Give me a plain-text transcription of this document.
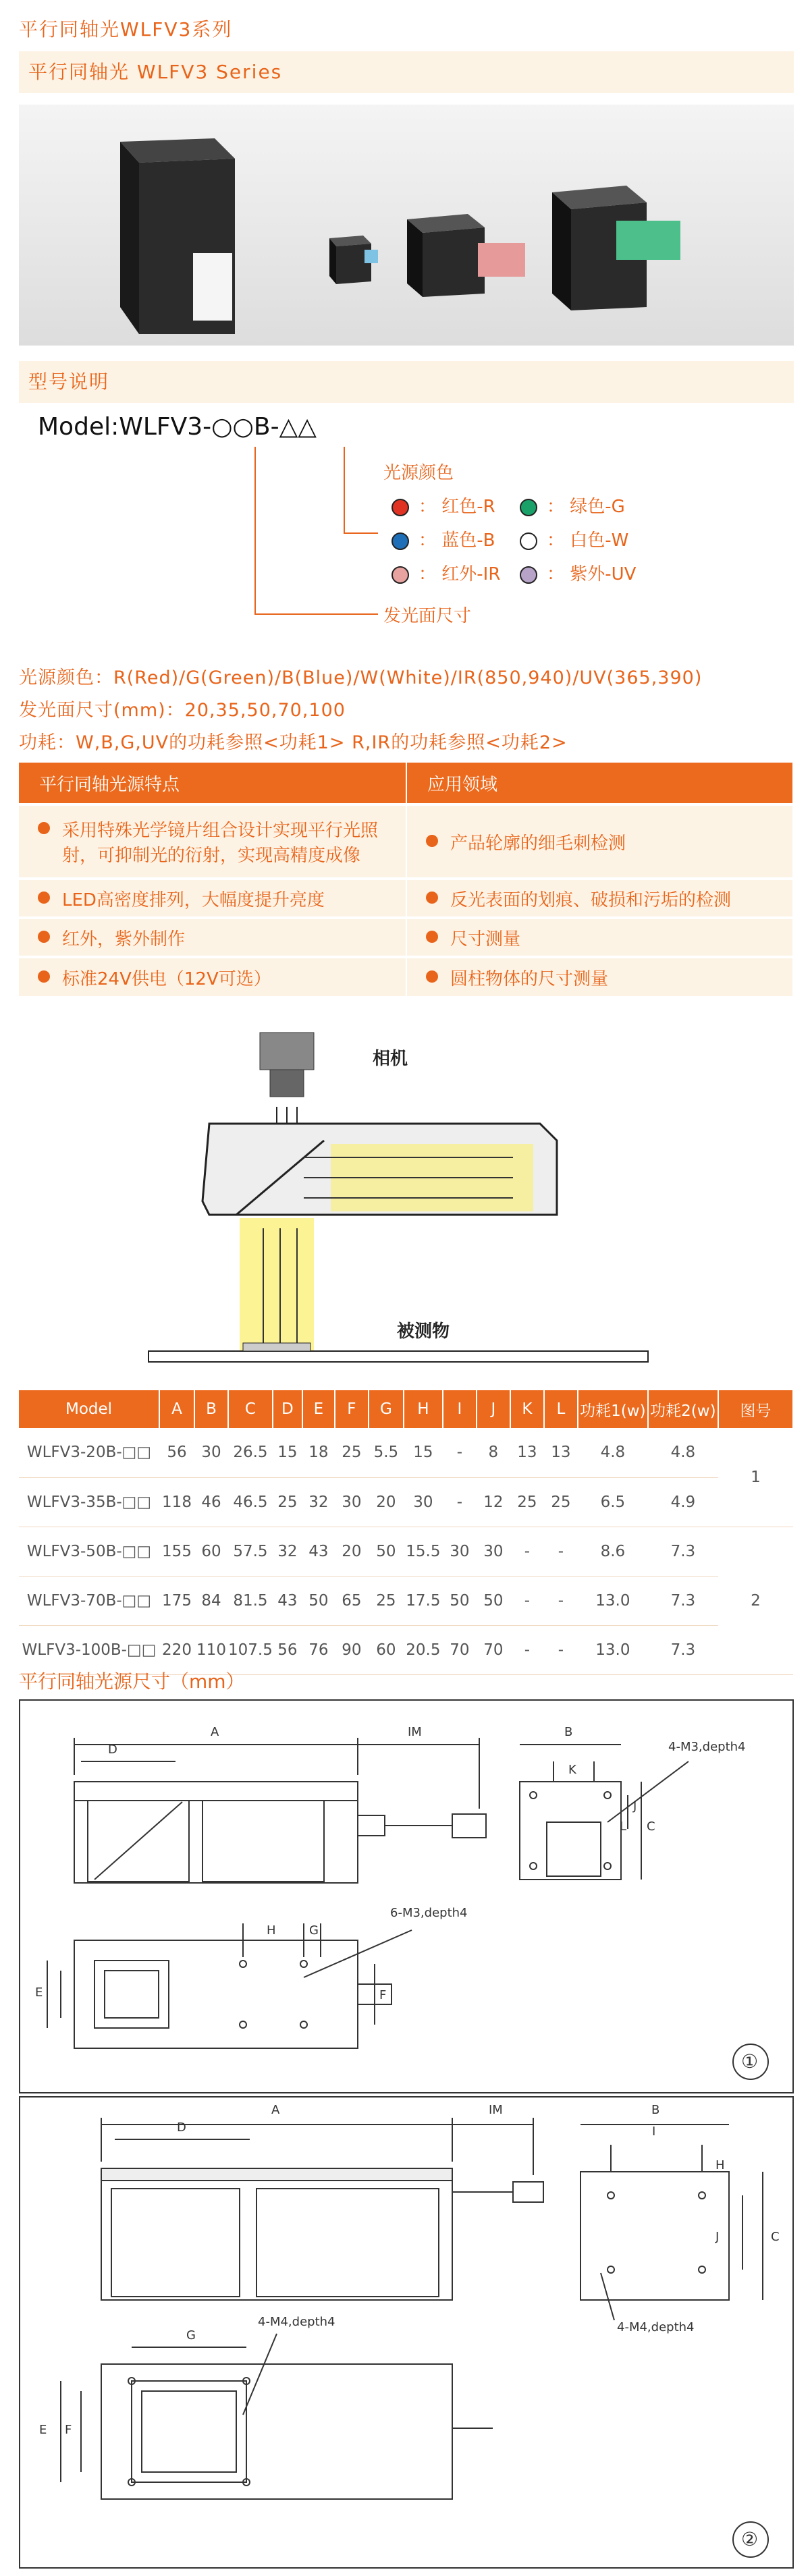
平行同轴光WLFV3系列
平行同轴光 WLFV3 Series
型号说明
Model:WLFV3-○○B-△△
光源颜色
： 红色-R	： 绿色-G
： 蓝色-B	： 白色-W
： 红外-IR	： 紫外-UV
发光面尺寸
光源颜色：R(Red)/G(Green)/B(Blue)/W(White)/IR(850,940)/UV(365,390)
发光面尺寸(mm)：20,35,50,70,100
功耗：W,B,G,UV的功耗参照<功耗1> R,IR的功耗参照<功耗2>
平行同轴光源特点	应用领域

采用特殊光学镜片组合设计实现平行光照射，可抑制光的衍射，实现高精度成像	产品轮廓的细毛刺检测

LED高密度排列，大幅度提升亮度	反光表面的划痕、破损和污垢的检测

红外，紫外制作	尺寸测量

标准24V供电（12V可选）	圆柱物体的尺寸测量
相机
被测物
Model	A	B	C	D	E	F	G	H	I	J	K	L	功耗1(w)	功耗2(w)	图号
WLFV3-20B-□□	56	30	26.5	15	18	25	5.5	15	-	8	13	13	4.8	4.8	1
WLFV3-35B-□□	118	46	46.5	25	32	30	20	30	-	12	25	25	6.5	4.9	
WLFV3-50B-□□	155	60	57.5	32	43	20	50	15.5	30	30	-	-	8.6	7.3	2
WLFV3-70B-□□	175	84	81.5	43	50	65	25	17.5	50	50	-	-	13.0	7.3	
WLFV3-100B-□□	220	110	107.5	56	76	90	60	20.5	70	70	-	-	13.0	7.3	
平行同轴光源尺寸（mm）
A	IM
D
B
K
J
L C
H	G
E	F
4-M3,depth4
6-M3,depth4
①
A	IM
D
B
I
H
J	C
G
E F
4-M4,depth4	4-M4,depth4
②
